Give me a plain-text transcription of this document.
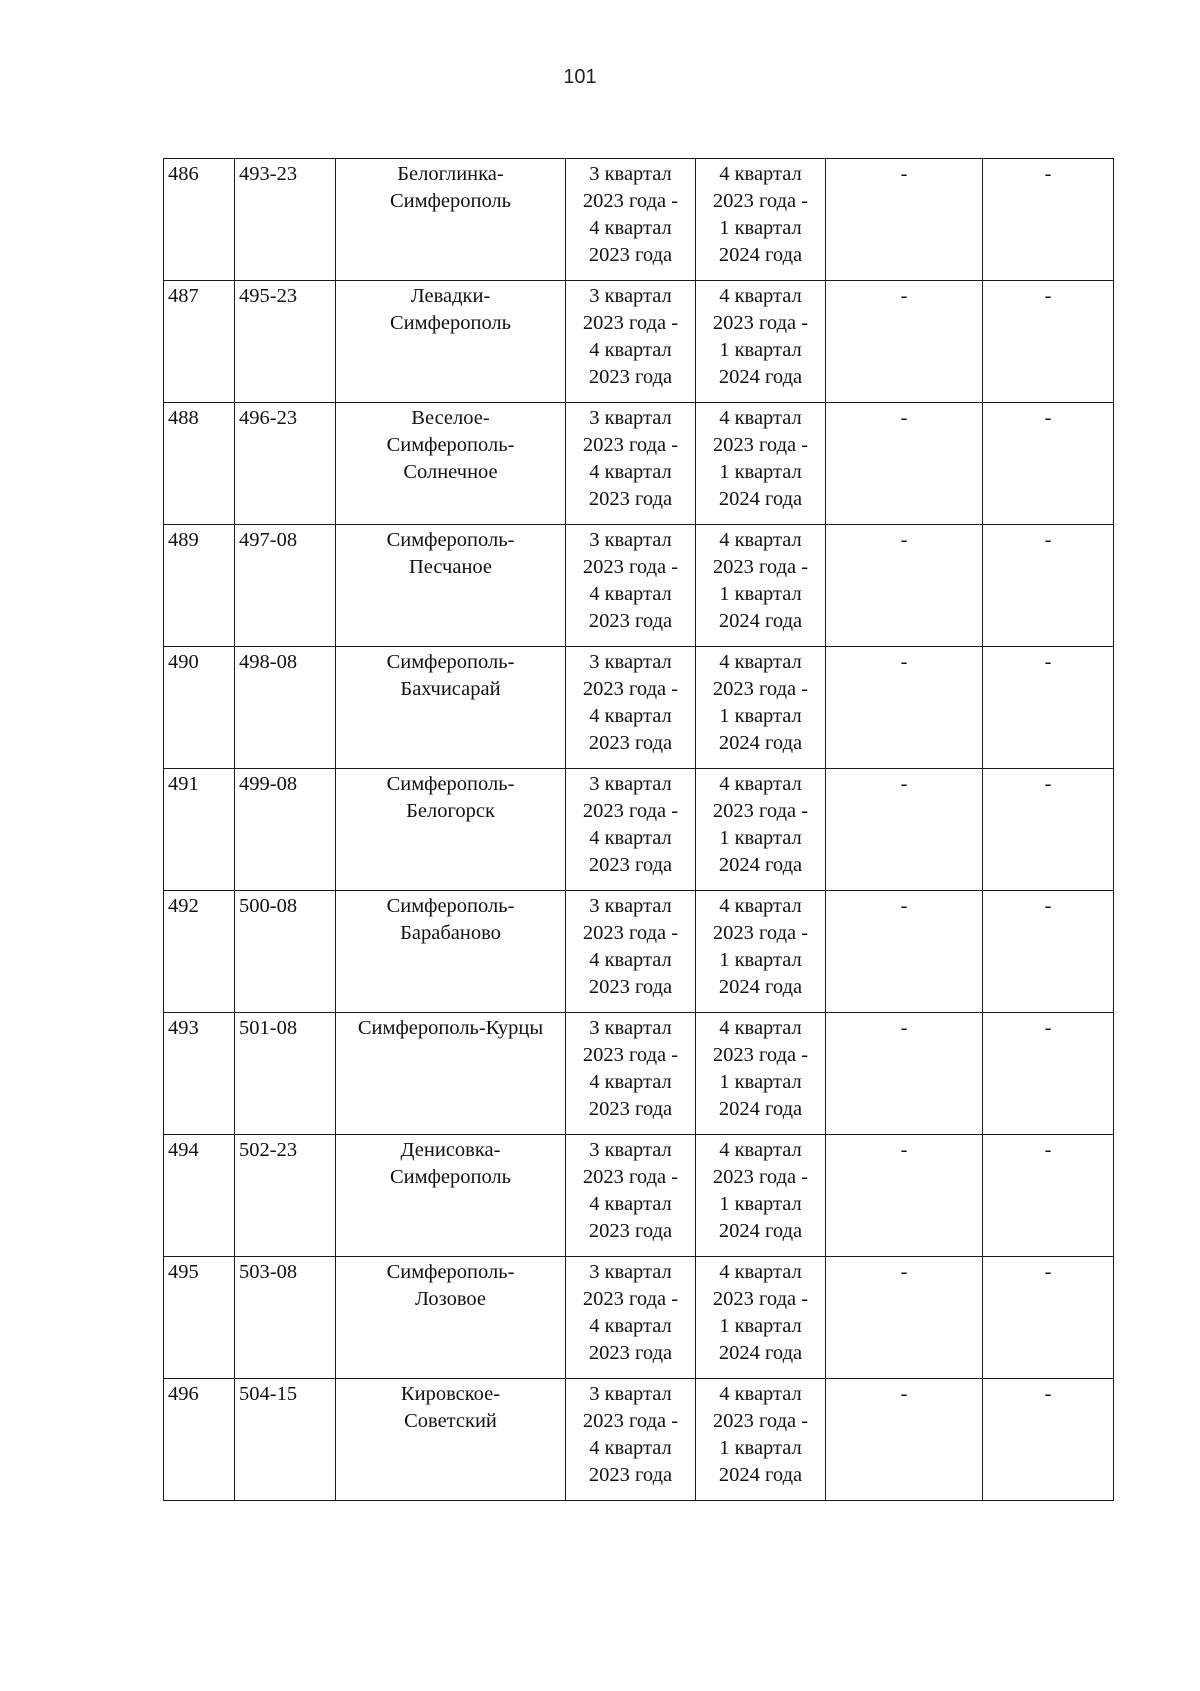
101
486	493-23	Белоглинка-
Симферополь	3 квартал
2023 года -
4 квартал
2023 года	4 квартал
2023 года -
1 квартал
2024 года	-	-
487	495-23	Левадки-
Симферополь	3 квартал
2023 года -
4 квартал
2023 года	4 квартал
2023 года -
1 квартал
2024 года	-	-
488	496-23	Веселое-
Симферополь-
Солнечное	3 квартал
2023 года -
4 квартал
2023 года	4 квартал
2023 года -
1 квартал
2024 года	-	-
489	497-08	Симферополь-
Песчаное	3 квартал
2023 года -
4 квартал
2023 года	4 квартал
2023 года -
1 квартал
2024 года	-	-
490	498-08	Симферополь-
Бахчисарай	3 квартал
2023 года -
4 квартал
2023 года	4 квартал
2023 года -
1 квартал
2024 года	-	-
491	499-08	Симферополь-
Белогорск	3 квартал
2023 года -
4 квартал
2023 года	4 квартал
2023 года -
1 квартал
2024 года	-	-
492	500-08	Симферополь-
Барабаново	3 квартал
2023 года -
4 квартал
2023 года	4 квартал
2023 года -
1 квартал
2024 года	-	-
493	501-08	Симферополь-Курцы	3 квартал
2023 года -
4 квартал
2023 года	4 квартал
2023 года -
1 квартал
2024 года	-	-
494	502-23	Денисовка-
Симферополь	3 квартал
2023 года -
4 квартал
2023 года	4 квартал
2023 года -
1 квартал
2024 года	-	-
495	503-08	Симферополь-
Лозовое	3 квартал
2023 года -
4 квартал
2023 года	4 квартал
2023 года -
1 квартал
2024 года	-	-
496	504-15	Кировское-
Советский	3 квартал
2023 года -
4 квартал
2023 года	4 квартал
2023 года -
1 квартал
2024 года	-	-
